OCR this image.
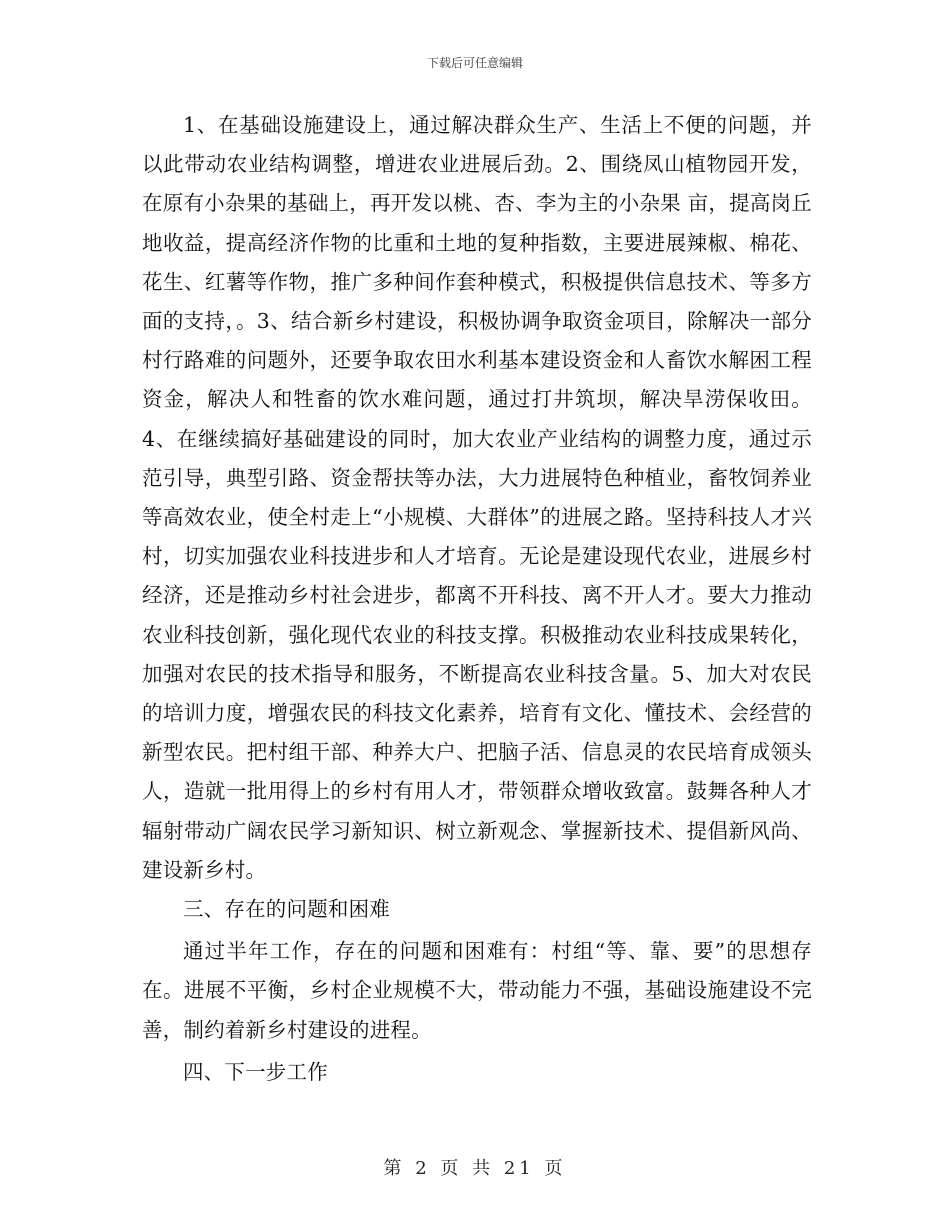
下载后可任意编辑

1、在基础设施建设上，通过解决群众生产、生活上不便的问题，并以此带动农业结构调整，增进农业进展后劲。2、围绕凤山植物园开发，在原有小杂果的基础上，再开发以桃、杏、李为主的小杂果 亩，提高岗丘地收益，提高经济作物的比重和土地的复种指数，主要进展辣椒、棉花、花生、红薯等作物，推广多种间作套种模式，积极提供信息技术、等多方面的支持，。3、结合新乡村建设，积极协调争取资金项目，除解决一部分村行路难的问题外，还要争取农田水利基本建设资金和人畜饮水解困工程资金，解决人和牲畜的饮水难问题，通过打井筑坝，解决旱涝保收田。4、在继续搞好基础建设的同时，加大农业产业结构的调整力度，通过示范引导，典型引路、资金帮扶等办法，大力进展特色种植业，畜牧饲养业等高效农业，使全村走上“小规模、大群体”的进展之路。坚持科技人才兴村，切实加强农业科技进步和人才培育。无论是建设现代农业，进展乡村经济，还是推动乡村社会进步，都离不开科技、离不开人才。要大力推动农业科技创新，强化现代农业的科技支撑。积极推动农业科技成果转化，加强对农民的技术指导和服务，不断提高农业科技含量。5、加大对农民的培训力度，增强农民的科技文化素养，培育有文化、懂技术、会经营的新型农民。把村组干部、种养大户、把脑子活、信息灵的农民培育成领头人，造就一批用得上的乡村有用人才，带领群众增收致富。鼓舞各种人才辐射带动广阔农民学习新知识、树立新观念、掌握新技术、提倡新风尚、建设新乡村。

三、存在的问题和困难

通过半年工作，存在的问题和困难有：村组“等、靠、要”的思想存在。进展不平衡，乡村企业规模不大，带动能力不强，基础设施建设不完善，制约着新乡村建设的进程。

四、下一步工作

第 2 页 共 21 页
